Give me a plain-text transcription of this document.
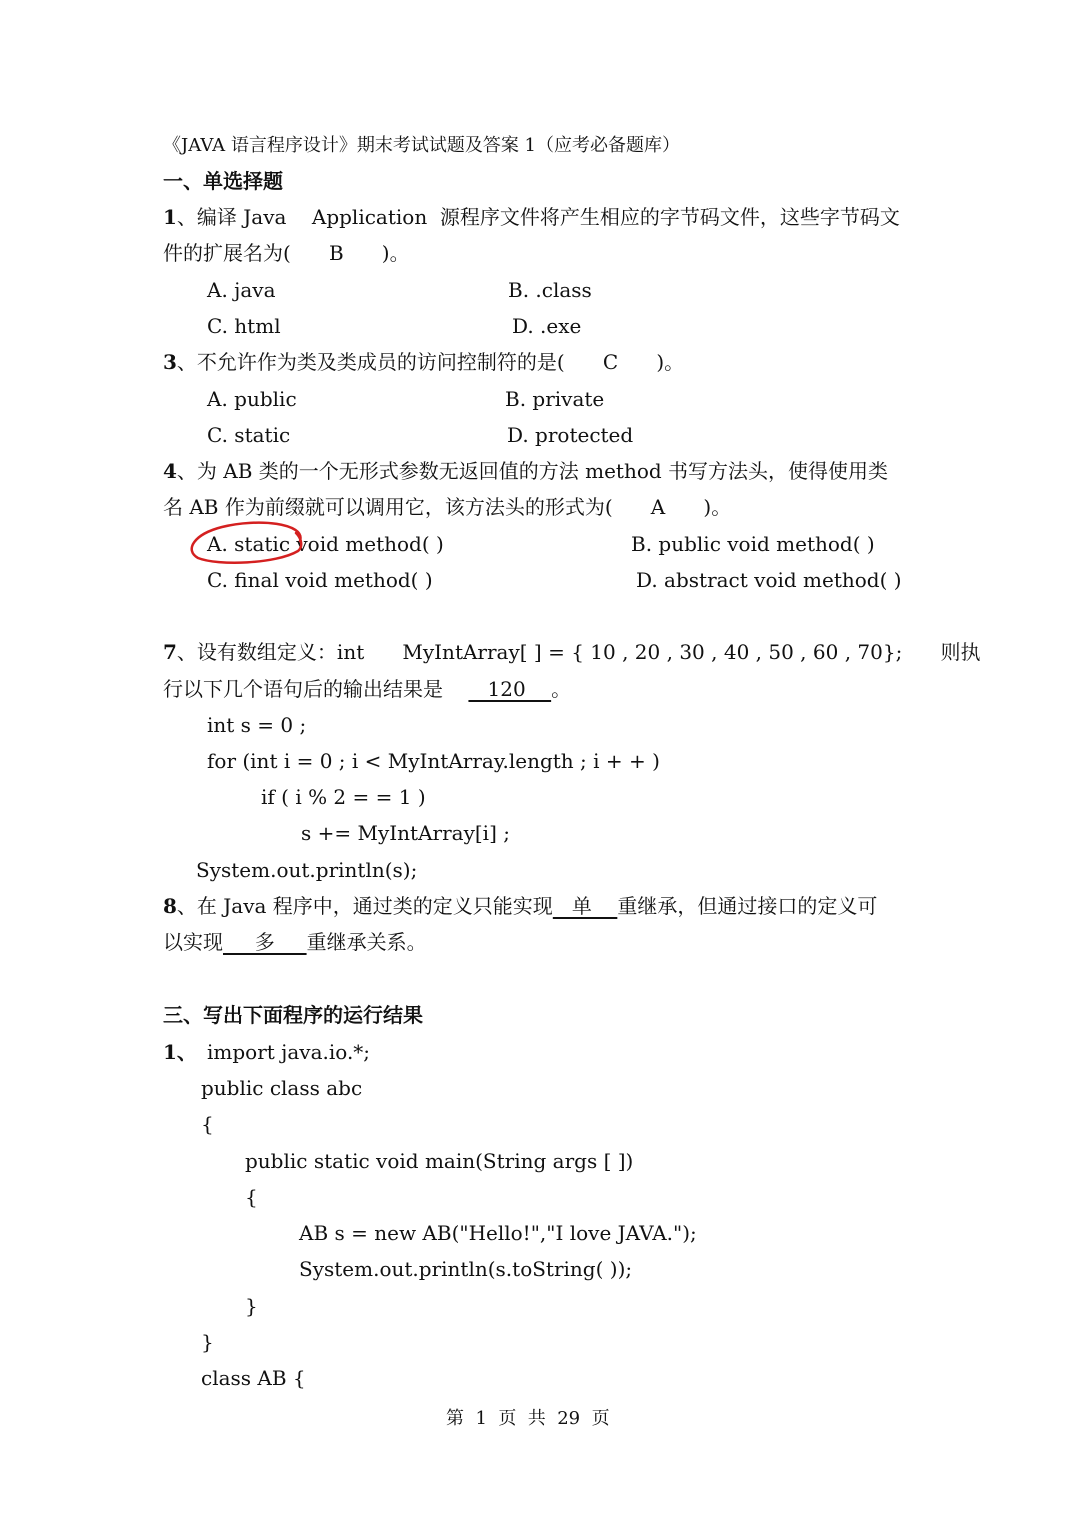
《JAVA 语言程序设计》期末考试试题及答案 1（应考必备题库）
一、单选择题
1、编译 Java    Application  源程序文件将产生相应的字节码文件，这些字节码文
件的扩展名为(      B      )。
A. java	B. .class
C. html	D. .exe
3、不允许作为类及类成员的访问控制符的是(      C      )。
A. public	B. private
C. static	D. protected
4、为 AB 类的一个无形式参数无返回值的方法 method 书写方法头，使得使用类
名 AB 作为前缀就可以调用它，该方法头的形式为(      A      )。
A. static void method( )	B. public void method( )
C. final void method( )	D. abstract void method( )
7、设有数组定义：int      MyIntArray[ ] = { 10 , 20 , 30 , 40 , 50 , 60 , 70};      则执
行以下几个语句后的输出结果是       120    。
int s = 0 ;
for (int i = 0 ; i < MyIntArray.length ; i + + )
if ( i % 2 = = 1 )
s += MyIntArray[i] ;
System.out.println(s);
8、在 Java 程序中，通过类的定义只能实现   单    重继承，但通过接口的定义可
以实现     多     重继承关系。
三、写出下面程序的运行结果
1、 import java.io.*;
public class abc
{
public static void main(String args [ ])
{
AB s = new AB("Hello!","I love JAVA.");
System.out.println(s.toString( ));
}
}
class AB {
第  1  页  共  29  页
